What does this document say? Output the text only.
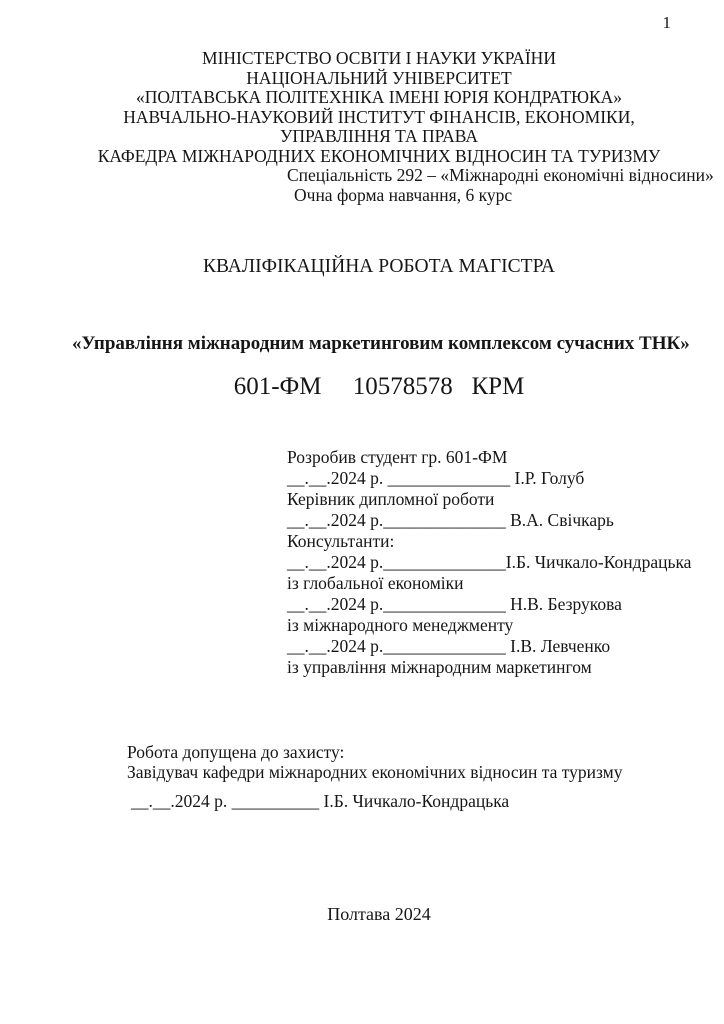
1
МІНІСТЕРСТВО ОСВІТИ І НАУКИ УКРАЇНИ
НАЦІОНАЛЬНИЙ УНІВЕРСИТЕТ
«ПОЛТАВСЬКА ПОЛІТЕХНІКА ІМЕНІ ЮРІЯ КОНДРАТЮКА»
НАВЧАЛЬНО-НАУКОВИЙ ІНСТИТУТ ФІНАНСІВ, ЕКОНОМІКИ,
УПРАВЛІННЯ ТА ПРАВА
КАФЕДРА МІЖНАРОДНИХ ЕКОНОМІЧНИХ ВІДНОСИН ТА ТУРИЗМУ
Спеціальність 292 – «Міжнародні економічні відносини»
Очна форма навчання, 6 курс
КВАЛІФІКАЦІЙНА РОБОТА МАГІСТРА
«Управління міжнародним маркетинговим комплексом сучасних ТНК»
601-ФМ     10578578   КРМ
Розробив студент гр. 601-ФМ
__.__.2024 р. ______________ І.Р. Голуб
Керівник дипломної роботи
__.__.2024 р.______________ В.А. Свічкарь
Консультанти:
__.__.2024 р.______________І.Б. Чичкало-Кондрацька
із глобальної економіки
__.__.2024 р.______________ Н.В. Безрукова
із міжнародного менеджменту
__.__.2024 р.______________ І.В. Левченко
із управління міжнародним маркетингом
Робота допущена до захисту:
Завідувач кафедри міжнародних економічних відносин та туризму
__.__.2024 р. __________ І.Б. Чичкало-Кондрацька
Полтава 2024
